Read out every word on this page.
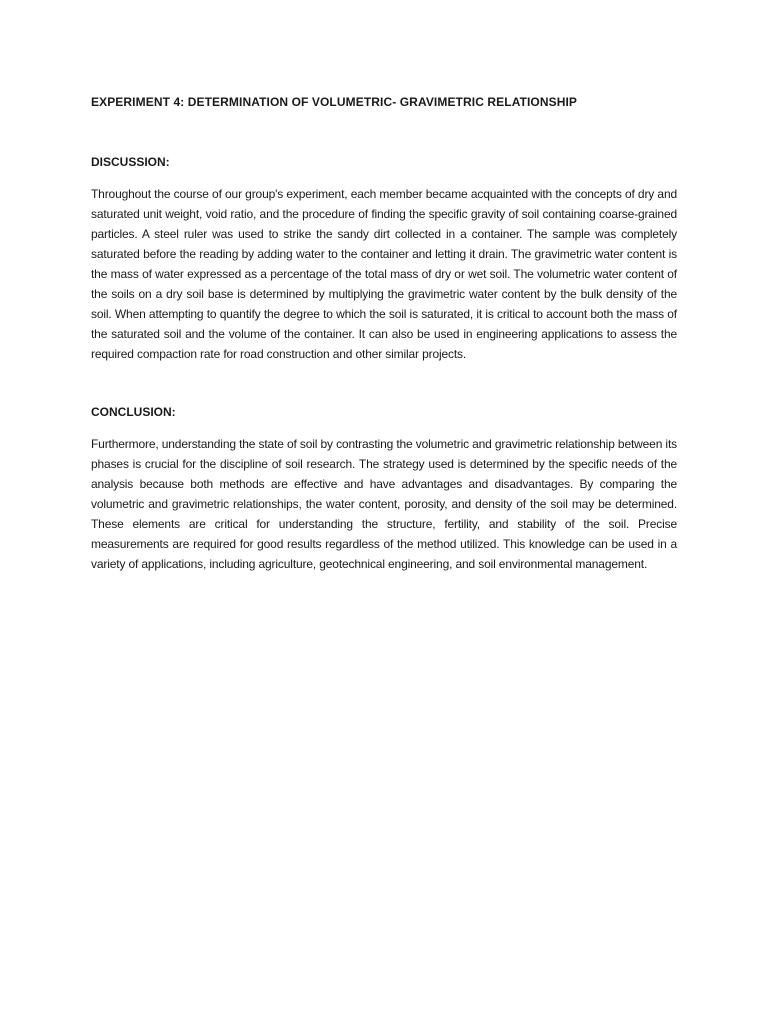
EXPERIMENT 4: DETERMINATION OF VOLUMETRIC- GRAVIMETRIC RELATIONSHIP
DISCUSSION:

Throughout the course of our group's experiment, each member became acquainted with the concepts of dry and saturated unit weight, void ratio, and the procedure of finding the specific gravity of soil containing coarse-grained particles. A steel ruler was used to strike the sandy dirt collected in a container. The sample was completely saturated before the reading by adding water to the container and letting it drain. The gravimetric water content is the mass of water expressed as a percentage of the total mass of dry or wet soil. The volumetric water content of the soils on a dry soil base is determined by multiplying the gravimetric water content by the bulk density of the soil. When attempting to quantify the degree to which the soil is saturated, it is critical to account both the mass of the saturated soil and the volume of the container. It can also be used in engineering applications to assess the required compaction rate for road construction and other similar projects.

CONCLUSION:

Furthermore, understanding the state of soil by contrasting the volumetric and gravimetric relationship between its phases is crucial for the discipline of soil research. The strategy used is determined by the specific needs of the analysis because both methods are effective and have advantages and disadvantages. By comparing the volumetric and gravimetric relationships, the water content, porosity, and density of the soil may be determined. These elements are critical for understanding the structure, fertility, and stability of the soil. Precise measurements are required for good results regardless of the method utilized. This knowledge can be used in a variety of applications, including agriculture, geotechnical engineering, and soil environmental management.
